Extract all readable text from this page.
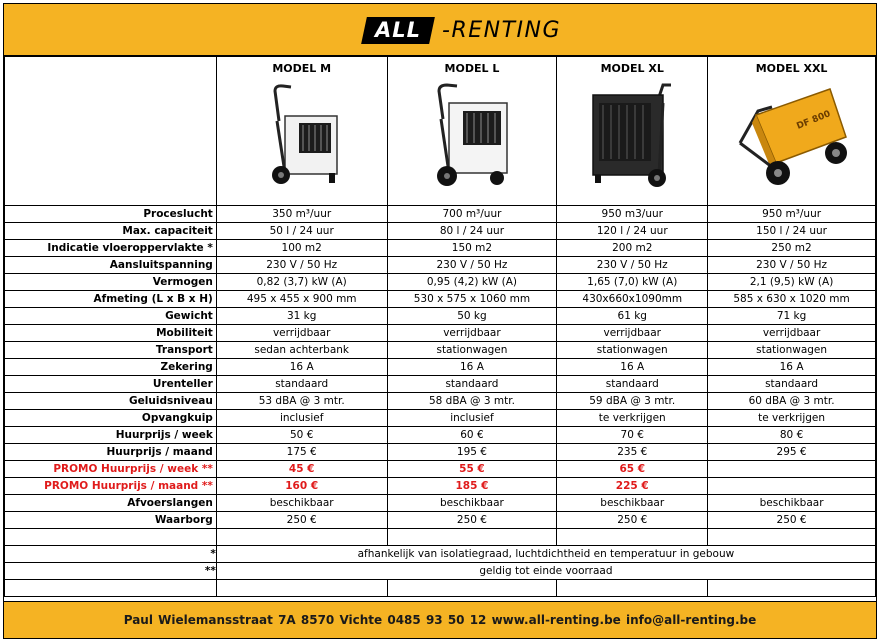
ALL -RENTING

	MODEL M	MODEL L	MODEL XL	MODEL XXL
DF 800

Proceslucht	350 m³/uur	700 m³/uur	950 m3/uur	950 m³/uur
Max. capaciteit	50 l / 24 uur	80 l / 24 uur	120 l / 24 uur	150 l / 24 uur
Indicatie vloeroppervlakte *	100 m2	150 m2	200 m2	250 m2
Aansluitspanning	230 V / 50 Hz	230 V / 50 Hz	230 V / 50 Hz	230 V / 50 Hz
Vermogen	0,82 (3,7) kW (A)	0,95 (4,2) kW (A)	1,65 (7,0) kW (A)	2,1 (9,5) kW (A)
Afmeting (L x B x H)	495 x 455 x 900 mm	530 x 575 x 1060 mm	430x660x1090mm	585 x 630 x 1020 mm
Gewicht	31 kg	50 kg	61 kg	71 kg
Mobiliteit	verrijdbaar	verrijdbaar	verrijdbaar	verrijdbaar
Transport	sedan achterbank	stationwagen	stationwagen	stationwagen
Zekering	16 A	16 A	16 A	16 A
Urenteller	standaard	standaard	standaard	standaard
Geluidsniveau	53 dBA @ 3 mtr.	58 dBA @ 3 mtr.	59 dBA @ 3 mtr.	60 dBA @ 3 mtr.
Opvangkuip	inclusief	inclusief	te verkrijgen	te verkrijgen
Huurprijs / week	50 €	60 €	70 €	80 €
Huurprijs / maand	175 €	195 €	235 €	295 €
PROMO Huurprijs / week **	45 €	55 €	65 €	
PROMO Huurprijs / maand **	160 €	185 €	225 €	
Afvoerslangen	beschikbaar	beschikbaar	beschikbaar	beschikbaar
Waarborg	250 €	250 €	250 €	250 €

*	afhankelijk van isolatiegraad, luchtdichtheid en temperatuur in gebouw			
**	geldig tot einde voorraad			

Paul Wielemansstraat 7A 8570 Vichte 0485 93 50 12 www.all-renting.be info@all-renting.be
